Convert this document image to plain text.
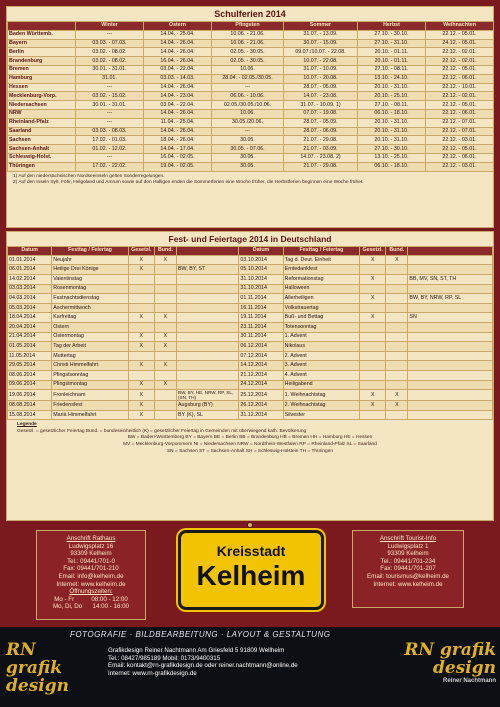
Schulferien 2014
	Winter	Ostern	Pfingsten	Sommer	Herbst	Weihnachten
Baden Württemb.	---	14.04. - 25.04.	10.06. - 21.06.	31.07. - 13.09.	27.10. - 30.10.	22.12. - 05.01.
Bayern	03.03. - 07.03.	14.04. - 26.04.	10.06. - 21.06.	30.07. - 15.09.	27.10. - 31.10.	24.12. - 05.01.
Berlin	03.02. - 08.02.	14.04. - 26.04.	02.05. - 30.05.	09.07./10.07. - 22.08.	20.10. - 01.11.	22.12. - 02.01.
Brandenburg	03.02. - 08.02.	16.04. - 26.04.	02.05. - 30.05.	10.07. - 22.08.	20.10. - 01.11.	22.12. - 02.01.
Bremen	30.01. - 31.01.	03.04. - 22.04.	10.06.	31.07. - 10.09.	27.10. - 08.11.	22.12. - 05.01.
Hamburg	31.01.	03.03. - 14.03.	28.04. - 02.05./30.05.	10.07. - 20.08.	13.10. - 24.10.	22.12. - 06.01.
Hessen	---	14.04. - 26.04.	---	28.07. - 05.09.	20.10. - 31.10.	22.12. - 10.01.
Mecklenburg-Vorp.	03.02. - 15.02.	14.04. - 23.04.	06.06. - 10.06.	14.07. - 23.08.	20.10. - 25.10.	22.12. - 02.01.
Niedersachsen	30.01. - 31.01.	03.04. - 22.04.	02.05./30.05./10.06.	31.07. - 10.09. 1)	27.10. - 08.11.	22.12. - 05.01.
NRW	---	14.04. - 26.04.	10.06.	07.07. - 19.08.	06.10. - 18.10.	22.12. - 06.01.
Rheinland-Pfalz	---	11.04. - 25.04.	30.05./20.06.	28.07. - 05.09.	20.10. - 31.10.	22.12. - 07.01.
Saarland	03.03. - 08.03.	14.04. - 26.04.	---	28.07. - 06.09.	20.10. - 31.10.	22.12. - 07.01.
Sachsen	17.02. - 01.03.	18.04. - 26.04.	30.05.	21.07. - 29.08.	20.10. - 31.10.	22.12. - 03.01.
Sachsen-Anhalt	01.02. - 12.02.	14.04. - 17.04.	30.05. - 07.06.	21.07. - 03.09.	27.10. - 30.10.	22.12. - 05.01.
Schleswig-Holst.	---	16.04. - 02.05.	30.05.	14.07. - 23.08. 2)	13.10. - 25.10.	22.12. - 06.01.
Thüringen	17.02. - 22.02.	19.04. - 02.05.	30.05.	21.07. - 29.08.	06.10. - 18.10.	22.12. - 03.01.
1) Auf den niedersächsischen Nordseeinseln gelten Sonderregelungen.
2) Auf den Inseln Sylt, Föhr, Helgoland und Amrum sowie auf den Halligen enden die Sommerferien eine Woche früher, die Herbstferien beginnen eine Woche früher.
Fest- und Feiertage 2014 in Deutschland
Datum	Festtag / Feiertag	Gesetzl.	Bund.		Datum	Festtag / Feiertag	Gesetzl.	Bund.	
01.01.2014	Neujahr	X	X		03.10.2014	Tag d. Deut. Einheit	X	X	
06.01.2014	Heilige Drei Könige	X		BW, BY, ST	05.10.2014	Erntedankfest			
14.02.2014	Valentinstag				31.10.2014	Reformationstag	X		BB, MV, SN, ST, TH
03.03.2014	Rosenmontag				31.10.2014	Halloween			
04.03.2014	Fastnachtsdienstag				01.11.2014	Allerheiligen	X		BW, BY, NRW, RP, SL
05.03.2014	Aschermittwoch				16.11.2014	Volkstrauertag			
18.04.2014	Karfreitag	X	X		19.11.2014	Buß- und Bettag	X		SN
20.04.2014	Ostern				23.11.2014	Totensonntag			
21.04.2014	Ostermontag	X	X		30.11.2014	1. Advent			
01.05.2014	Tag der Arbeit	X	X		06.12.2014	Nikolaus			
11.05.2014	Muttertag				07.12.2014	2. Advent			
29.05.2014	Christi Himmelfahrt	X	X		14.12.2014	3. Advent			
08.06.2014	Pfingstsonntag				21.12.2014	4. Advent			
09.06.2014	Pfingstmontag	X	X		24.12.2014	Heiligabend			
19.06.2014	Fronleichnam	X		BW, BY, HE, NRW, RP, SL, (SN, TH)	25.12.2014	1. Weihnachtstag	X	X	
08.08.2014	Friedensfest	X		Augsburg (BY)	26.12.2014	2. Weihnachtstag	X	X	
15.08.2014	Mariä Himmelfahrt	X		BY (K), SL	31.12.2014	Silvester			
Legende
Gesetzl. = gesetzlicher Feiertag Bund. = bundeseinheitlich (K) = gesetzlicher Feiertag in Gemeinden mit überwiegend kath. Bevölkerung
BW = Baden-Württemberg BY = Bayern BE = Berlin BB = Brandenburg HB = Bremen HH = Hamburg HE = Hessen
MV = Mecklenburg-Vorpommern NI = Niedersachsen NRW = Nordrhein-Westfalen RP = Rheinland-Pfalz SL = Saarland
SN = Sachsen ST = Sachsen-Anhalt SH = Schleswig-Holstein TH = Thüringen
Anschrift Rathaus
Ludwigsplatz 16
93309 Kelheim
Tel.: 09441/701-0
Fax: 09441/701-210
Email: info@kelheim.de
Internet: www.kelheim.de
Öffnungszeiten:
Mo - Fr          08:00 - 12:00
Mo, Di, Do      14:00 - 16:00
Kreisstadt
Kelheim
Anschrift Tourist-Info
Ludwigsplatz 1
93309 Kelheim
Tel.: 09441/701-234
Fax: 09441/701-207
Email: tourismus@kelheim.de
Internet: www.kelheim.de
FOTOGRAFIE · BILDBEARBEITUNG · LAYOUT & GESTALTUNG
RN grafik design
Grafikdesign Reiner Nachtmann Am Griesfeld 5 91809 Wellheim
Tel.: 08427/985189 Mobil: 0173/9400315
Email: kontakt@rn-grafikdesign.de oder reiner.nachtmann@online.de
Internet: www.rn-grafikdesign.de
RN grafik design
Reiner Nachtmann
